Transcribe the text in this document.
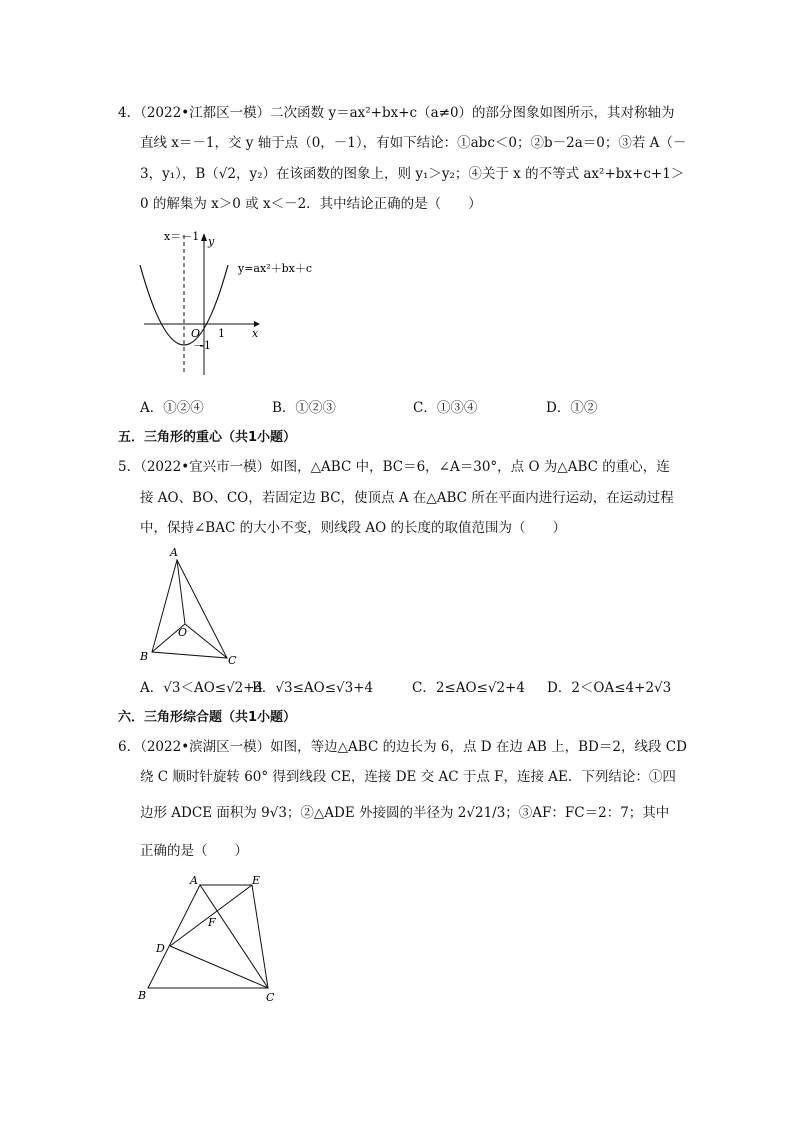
4．（2022•江都区一模）二次函数 y＝ax²+bx+c（a≠0）的部分图象如图所示，其对称轴为
直线 x＝－1，交 y 轴于点（0，－1），有如下结论：①abc＜0；②b－2a＝0；③若 A（－
3，y₁），B（√2，y₂）在该函数的图象上，则 y₁＞y₂；④关于 x 的不等式 ax²+bx+c+1＞
0 的解集为 x＞0 或 x＜－2．其中结论正确的是（　　）
x＝－1 y
x
O 1
－1
y=ax²＋bx＋c
A．①②④	B．①②③	C．①③④	D．①②
五．三角形的重心（共1小题）
5．（2022•宜兴市一模）如图，△ABC 中，BC＝6，∠A＝30°，点 O 为△ABC 的重心，连
接 AO、BO、CO，若固定边 BC，使顶点 A 在△ABC 所在平面内进行运动，在运动过程
中，保持∠BAC 的大小不变，则线段 AO 的长度的取值范围为（　　）
A
B	C
O
A．√3＜AO≤√2+4
B．√3≤AO≤√3+4	C．2≤AO≤√2+4 D．2＜OA≤4+2√3
六．三角形综合题（共1小题）
6．（2022•滨湖区一模）如图，等边△ABC 的边长为 6，点 D 在边 AB 上，BD＝2，线段 CD
绕 C 顺时针旋转 60° 得到线段 CE，连接 DE 交 AC 于点 F，连接 AE．下列结论：①四
边形 ADCE 面积为 9√3；②△ADE 外接圆的半径为 2√21/3；③AF：FC＝2：7；其中
正确的是（　　）
A	E
F
D
B	C
